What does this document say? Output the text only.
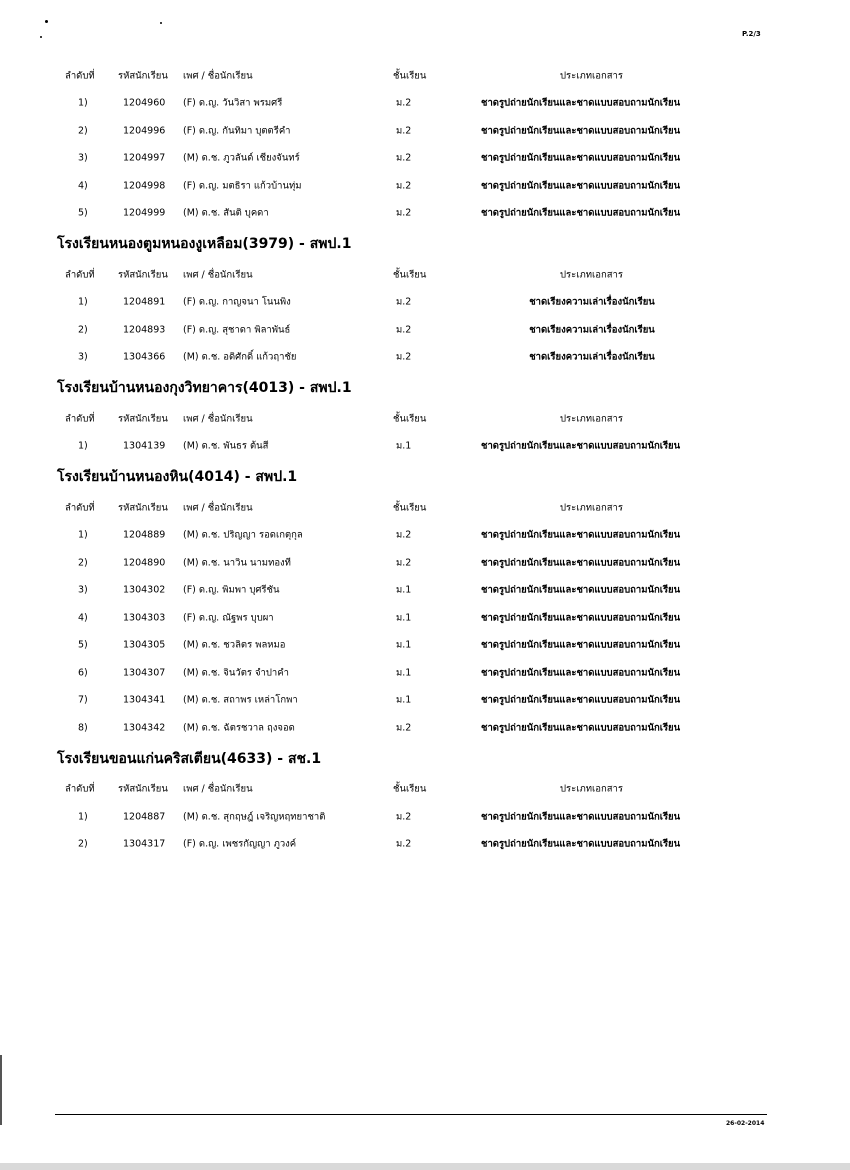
P.2/3
ลำดับที่ รหัสนักเรียน เพศ / ชื่อนักเรียน	ชั้นเรียน	ประเภทเอกสาร
1)	1204960 (F) ด.ญ. วันวิสา พรมศรี	ม.2	ชาดรูปถ่ายนักเรียนและชาดแบบสอบถามนักเรียน
2)	1204996 (F) ด.ญ. กันทิมา บุตตรีคำ	ม.2	ชาดรูปถ่ายนักเรียนและชาดแบบสอบถามนักเรียน
3)	1204997 (M) ด.ช. ภูวลันด์ เชียงจันทร์	ม.2	ชาดรูปถ่ายนักเรียนและชาดแบบสอบถามนักเรียน
4)	1204998 (F) ด.ญ. มตธิรา แก้วบ้านทุ่ม	ม.2	ชาดรูปถ่ายนักเรียนและชาดแบบสอบถามนักเรียน
5)	1204999 (M) ด.ช. สันติ บุคดา	ม.2	ชาดรูปถ่ายนักเรียนและชาดแบบสอบถามนักเรียน
โรงเรียนหนองตูมหนองงูเหลือม(3979) - สพป.1
ลำดับที่ รหัสนักเรียน เพศ / ชื่อนักเรียน	ชั้นเรียน	ประเภทเอกสาร
1)	1204891 (F) ด.ญ. กาญจนา โนนพิง	ม.2	ชาดเรียงความเล่าเรื่องนักเรียน
2)	1204893 (F) ด.ญ. สุชาดา พิลาพันธ์	ม.2	ชาดเรียงความเล่าเรื่องนักเรียน
3)	1304366 (M) ด.ช. อดิศักดิ์ แก้วฤาชัย	ม.2	ชาดเรียงความเล่าเรื่องนักเรียน
โรงเรียนบ้านหนองกุงวิทยาคาร(4013) - สพป.1
ลำดับที่ รหัสนักเรียน เพศ / ชื่อนักเรียน	ชั้นเรียน	ประเภทเอกสาร
1)	1304139 (M) ด.ช. พันธร ต้นสี	ม.1	ชาดรูปถ่ายนักเรียนและชาดแบบสอบถามนักเรียน
โรงเรียนบ้านหนองหิน(4014) - สพป.1
ลำดับที่ รหัสนักเรียน เพศ / ชื่อนักเรียน	ชั้นเรียน	ประเภทเอกสาร
1)	1204889 (M) ด.ช. ปริญญา รอดเกตุกุล	ม.2	ชาดรูปถ่ายนักเรียนและชาดแบบสอบถามนักเรียน
2)	1204890 (M) ด.ช. นาวิน นามทองที	ม.2	ชาดรูปถ่ายนักเรียนและชาดแบบสอบถามนักเรียน
3)	1304302 (F) ด.ญ. พิมพา บุศรีชัน	ม.1	ชาดรูปถ่ายนักเรียนและชาดแบบสอบถามนักเรียน
4)	1304303 (F) ด.ญ. ณัฐพร บุบผา	ม.1	ชาดรูปถ่ายนักเรียนและชาดแบบสอบถามนักเรียน
5)	1304305 (M) ด.ช. ชวลิตร พลหมอ	ม.1	ชาดรูปถ่ายนักเรียนและชาดแบบสอบถามนักเรียน
6)	1304307 (M) ด.ช. จินวัตร จำปาคำ	ม.1	ชาดรูปถ่ายนักเรียนและชาดแบบสอบถามนักเรียน
7)	1304341 (M) ด.ช. สถาพร เหล่าโกพา	ม.1	ชาดรูปถ่ายนักเรียนและชาดแบบสอบถามนักเรียน
8)	1304342 (M) ด.ช. ฉัตรชวาล ฤงจอด	ม.2	ชาดรูปถ่ายนักเรียนและชาดแบบสอบถามนักเรียน
โรงเรียนขอนแก่นคริสเตียน(4633) - สช.1
ลำดับที่ รหัสนักเรียน เพศ / ชื่อนักเรียน	ชั้นเรียน	ประเภทเอกสาร
1)	1204887 (M) ด.ช. สุกฤษฎ์ เจริญหฤทยาชาติ	ม.2	ชาดรูปถ่ายนักเรียนและชาดแบบสอบถามนักเรียน
2)	1304317 (F) ด.ญ. เพชรกัญญา ภูวงค์	ม.2	ชาดรูปถ่ายนักเรียนและชาดแบบสอบถามนักเรียน
26-02-2014
